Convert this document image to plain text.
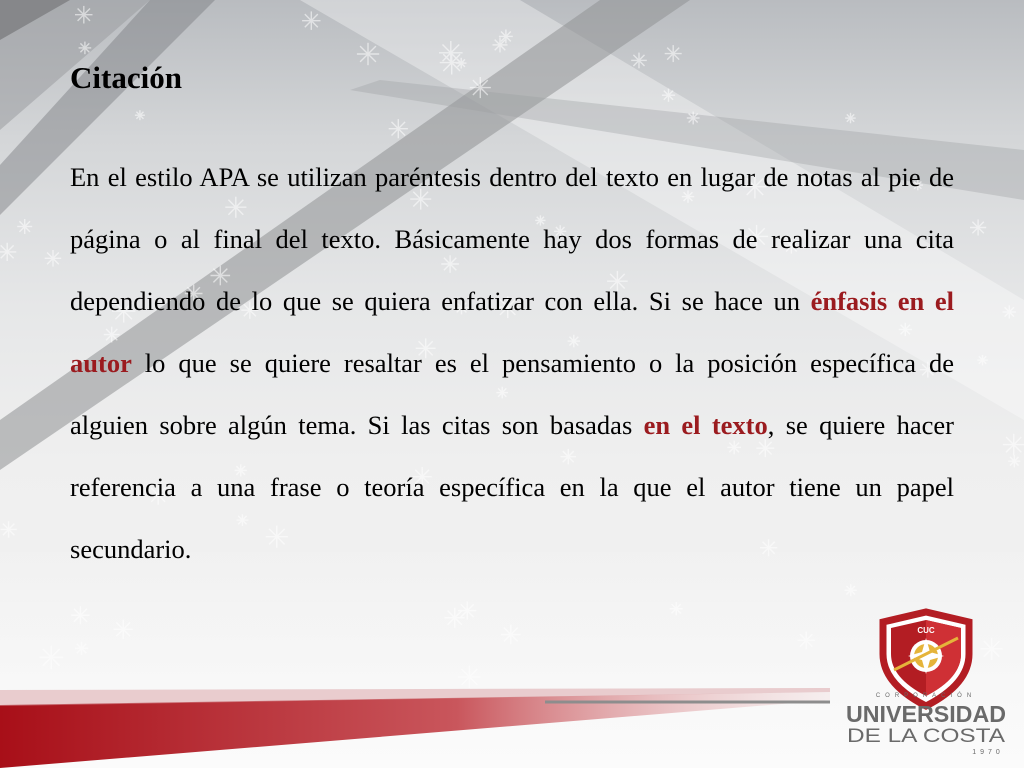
Citación

En el estilo APA se utilizan paréntesis dentro del texto en lugar de notas al pie de página o al final del texto. Básicamente hay dos formas de realizar una cita dependiendo de lo que se quiera enfatizar con ella. Si se hace un énfasis en el autor lo que se quiere resaltar es el pensamiento o la posición específica de alguien sobre algún tema. Si las citas son basadas en el texto, se quiere hacer referencia a una frase o teoría específica en la que el autor tiene un papel secundario.

CUC
CORPORACIÓN
UNIVERSIDAD
DE LA COSTA
1970
